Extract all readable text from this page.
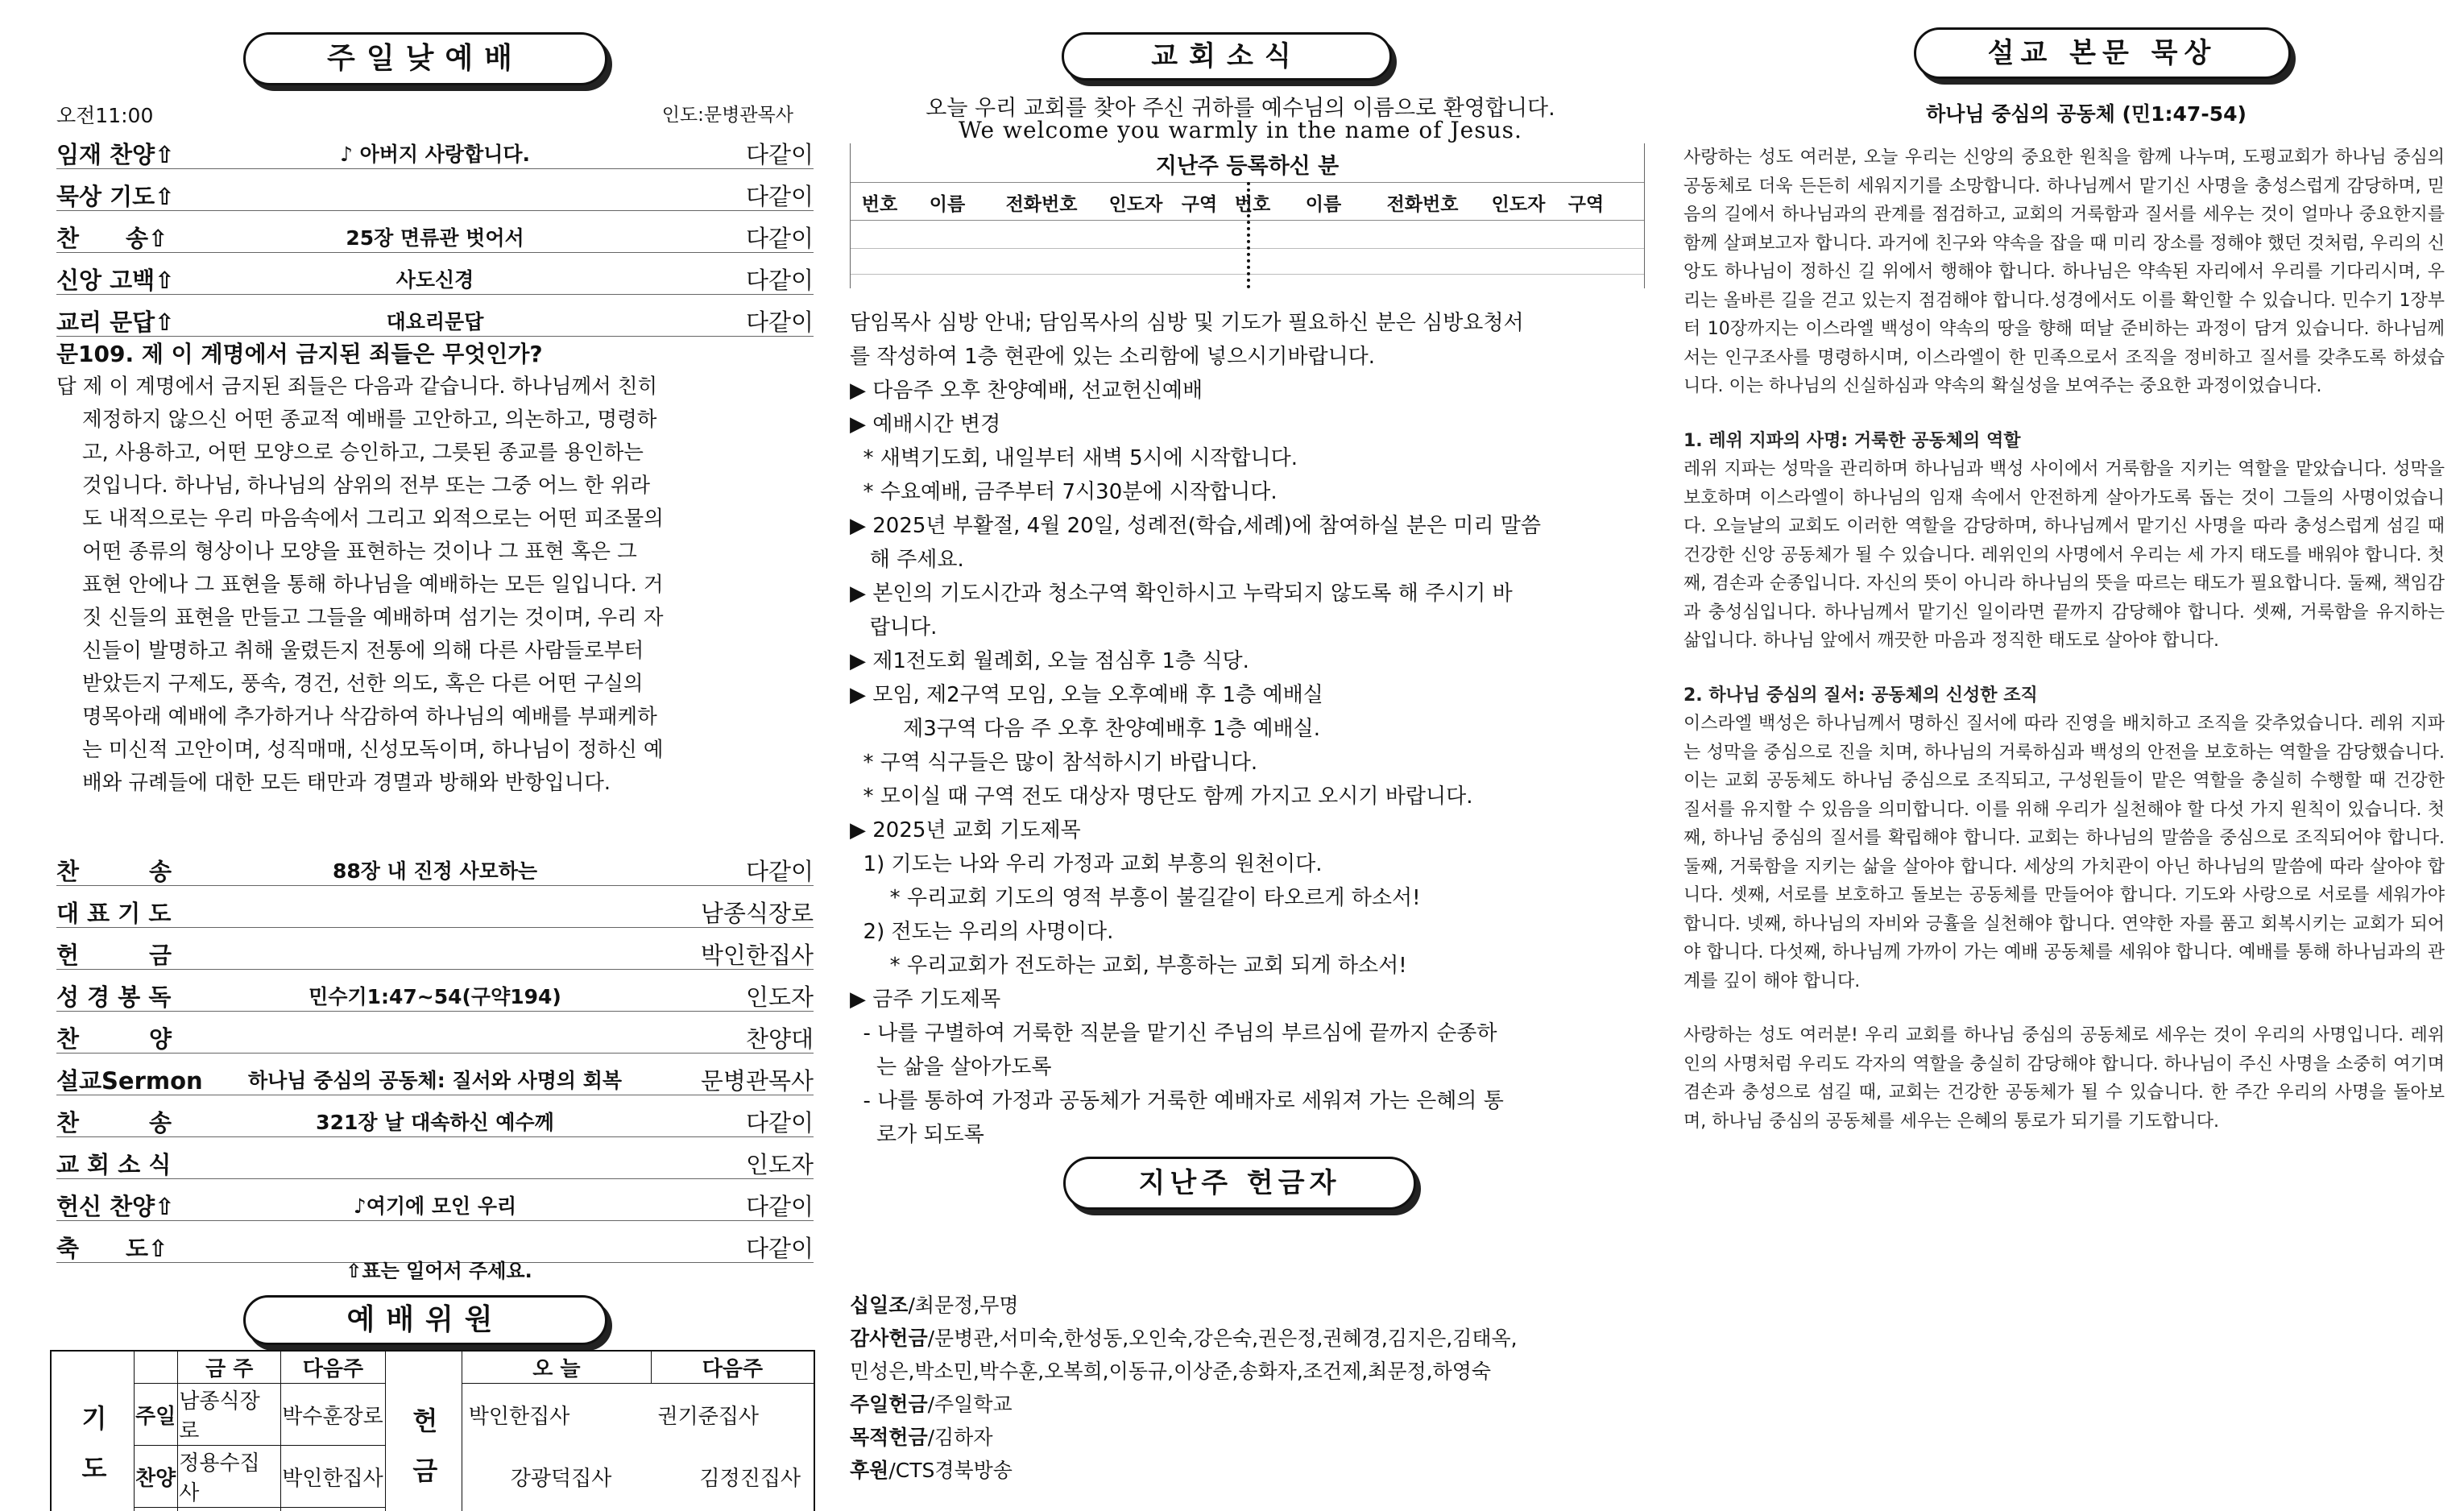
주일낮예배
오전11:00	인도:문병관목사
임재 찬양⇧	♪ 아버지 사랑합니다.	다같이
묵상 기도⇧	다같이
찬　　송⇧	25장 면류관 벗어서	다같이
신앙 고백⇧	사도신경	다같이
교리 문답⇧	대요리문답	다같이
문109. 제 이 계명에서 금지된 죄들은 무엇인가?

답 제 이 계명에서 금지된 죄들은 다음과 같습니다. 하나님께서 친히

제정하지 않으신 어떤 종교적 예배를 고안하고, 의논하고, 명령하

고, 사용하고, 어떤 모양으로 승인하고, 그릇된 종교를 용인하는

것입니다. 하나님, 하나님의 삼위의 전부 또는 그중 어느 한 위라

도 내적으로는 우리 마음속에서 그리고 외적으로는 어떤 피조물의

어떤 종류의 형상이나 모양을 표현하는 것이나 그 표현 혹은 그

표현 안에나 그 표현을 통해 하나님을 예배하는 모든 일입니다. 거

짓 신들의 표현을 만들고 그들을 예배하며 섬기는 것이며, 우리 자

신들이 발명하고 취해 울렸든지 전통에 의해 다른 사람들로부터

받았든지 구제도, 풍속, 경건, 선한 의도, 혹은 다른 어떤 구실의

명목아래 예배에 추가하거나 삭감하여 하나님의 예배를 부패케하

는 미신적 고안이며, 성직매매, 신성모독이며, 하나님이 정하신 예

배와 규례들에 대한 모든 태만과 경멸과 방해와 반항입니다.

찬　　　송	88장 내 진정 사모하는	다같이
대 표 기 도	남종식장로
헌　　　금	박인한집사
성 경 봉 독	민수기1:47~54(구약194)	인도자
찬　　　양	찬양대
설교Sermon	하나님 중심의 공동체: 질서와 사명의 회복	문병관목사
찬　　　송	321장 날 대속하신 예수께	다같이
교 회 소 식	인도자
헌신 찬양⇧	♪여기에 모인 우리	다같이
축　　도⇧	다같이
⇧표는 일어서 주세요.
예배위원
기도		금 주	다음주	헌금	오 늘	다음주
	주일	남종식장로	박수훈장로		박인한집사	권기준집사
	찬양	정용수집사	박인한집사		강광덕집사	김정진집사

교회소식
오늘 우리 교회를 찾아 주신 귀하를 예수님의 이름으로 환영합니다.
We welcome you warmly in the name of Jesus.
지난주 등록하신 분
번호	이름	전화번호	인도자	구역 번호	이름	전화번호	인도자	구역

담임목사 심방 안내; 담임목사의 심방 및 기도가 필요하신 분은 심방요청서

를 작성하여 1층 현관에 있는 소리함에 넣으시기바랍니다.

▶ 다음주 오후 찬양예배, 선교헌신예배

▶ 예배시간 변경

* 새벽기도회, 내일부터 새벽 5시에 시작합니다.

* 수요예배, 금주부터 7시30분에 시작합니다.

▶ 2025년 부활절, 4월 20일, 성례전(학습,세례)에 참여하실 분은 미리 말씀

해 주세요.

▶ 본인의 기도시간과 청소구역 확인하시고 누락되지 않도록 해 주시기 바

랍니다.

▶ 제1전도회 월례회, 오늘 점심후 1층 식당.

▶ 모임, 제2구역 모임, 오늘 오후예배 후 1층 예배실

제3구역 다음 주 오후 찬양예배후 1층 예배실.

* 구역 식구들은 많이 참석하시기 바랍니다.

* 모이실 때 구역 전도 대상자 명단도 함께 가지고 오시기 바랍니다.

▶ 2025년 교회 기도제목

1) 기도는 나와 우리 가정과 교회 부흥의 원천이다.

* 우리교회 기도의 영적 부흥이 불길같이 타오르게 하소서!

2) 전도는 우리의 사명이다.

* 우리교회가 전도하는 교회, 부흥하는 교회 되게 하소서!

▶ 금주 기도제목

- 나를 구별하여 거룩한 직분을 맡기신 주님의 부르심에 끝까지 순종하

는 삶을 살아가도록

- 나를 통하여 가정과 공동체가 거룩한 예배자로 세워져 가는 은혜의 통

로가 되도록

지난주 헌금자

십일조/최문정,무명

감사헌금/문병관,서미숙,한성동,오인숙,강은숙,권은정,권혜경,김지은,김태옥,

민성은,박소민,박수훈,오복희,이동규,이상준,송화자,조건제,최문정,하영숙

주일헌금/주일학교

목적헌금/김하자

후원/CTS경북방송

설교 본문 묵상
하나님 중심의 공동체 (민1:47-54)

사랑하는 성도 여러분, 오늘 우리는 신앙의 중요한 원칙을 함께 나누며, 도평교회가 하나님 중심의 공동체로 더욱 든든히 세워지기를 소망합니다. 하나님께서 맡기신 사명을 충성스럽게 감당하며, 믿음의 길에서 하나님과의 관계를 점검하고, 교회의 거룩함과 질서를 세우는 것이 얼마나 중요한지를 함께 살펴보고자 합니다. 과거에 친구와 약속을 잡을 때 미리 장소를 정해야 했던 것처럼, 우리의 신앙도 하나님이 정하신 길 위에서 행해야 합니다. 하나님은 약속된 자리에서 우리를 기다리시며, 우리는 올바른 길을 걷고 있는지 점검해야 합니다.성경에서도 이를 확인할 수 있습니다. 민수기 1장부터 10장까지는 이스라엘 백성이 약속의 땅을 향해 떠날 준비하는 과정이 담겨 있습니다. 하나님께서는 인구조사를 명령하시며, 이스라엘이 한 민족으로서 조직을 정비하고 질서를 갖추도록 하셨습니다. 이는 하나님의 신실하심과 약속의 확실성을 보여주는 중요한 과정이었습니다.

1. 레위 지파의 사명: 거룩한 공동체의 역할

레위 지파는 성막을 관리하며 하나님과 백성 사이에서 거룩함을 지키는 역할을 맡았습니다. 성막을 보호하며 이스라엘이 하나님의 임재 속에서 안전하게 살아가도록 돕는 것이 그들의 사명이었습니다. 오늘날의 교회도 이러한 역할을 감당하며, 하나님께서 맡기신 사명을 따라 충성스럽게 섬길 때 건강한 신앙 공동체가 될 수 있습니다. 레위인의 사명에서 우리는 세 가지 태도를 배워야 합니다. 첫째, 겸손과 순종입니다. 자신의 뜻이 아니라 하나님의 뜻을 따르는 태도가 필요합니다. 둘째, 책임감과 충성심입니다. 하나님께서 맡기신 일이라면 끝까지 감당해야 합니다. 셋째, 거룩함을 유지하는 삶입니다. 하나님 앞에서 깨끗한 마음과 정직한 태도로 살아야 합니다.

2. 하나님 중심의 질서: 공동체의 신성한 조직

이스라엘 백성은 하나님께서 명하신 질서에 따라 진영을 배치하고 조직을 갖추었습니다. 레위 지파는 성막을 중심으로 진을 치며, 하나님의 거룩하심과 백성의 안전을 보호하는 역할을 감당했습니다. 이는 교회 공동체도 하나님 중심으로 조직되고, 구성원들이 맡은 역할을 충실히 수행할 때 건강한 질서를 유지할 수 있음을 의미합니다. 이를 위해 우리가 실천해야 할 다섯 가지 원칙이 있습니다. 첫째, 하나님 중심의 질서를 확립해야 합니다. 교회는 하나님의 말씀을 중심으로 조직되어야 합니다. 둘째, 거룩함을 지키는 삶을 살아야 합니다. 세상의 가치관이 아닌 하나님의 말씀에 따라 살아야 합니다. 셋째, 서로를 보호하고 돌보는 공동체를 만들어야 합니다. 기도와 사랑으로 서로를 세워가야 합니다. 넷째, 하나님의 자비와 긍휼을 실천해야 합니다. 연약한 자를 품고 회복시키는 교회가 되어야 합니다. 다섯째, 하나님께 가까이 가는 예배 공동체를 세워야 합니다. 예배를 통해 하나님과의 관계를 깊이 해야 합니다.

사랑하는 성도 여러분! 우리 교회를 하나님 중심의 공동체로 세우는 것이 우리의 사명입니다. 레위인의 사명처럼 우리도 각자의 역할을 충실히 감당해야 합니다. 하나님이 주신 사명을 소중히 여기며 겸손과 충성으로 섬길 때, 교회는 건강한 공동체가 될 수 있습니다. 한 주간 우리의 사명을 돌아보며, 하나님 중심의 공동체를 세우는 은혜의 통로가 되기를 기도합니다.
